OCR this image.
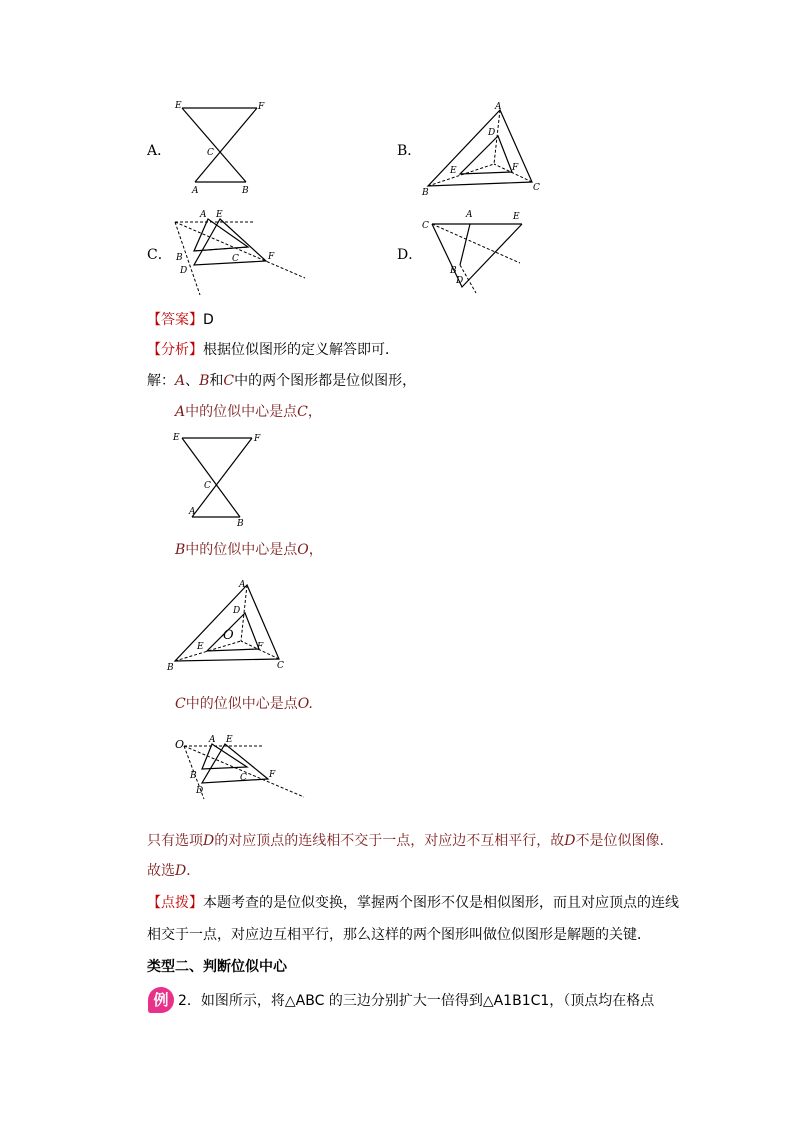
A．
E	F
C
A	B
B．
A
D
E	F
B	C
C．
A E
B	C	F
D
D．
C
A	E
B
D
【答案】D
【分析】根据位似图形的定义解答即可．
解：A、B和C中的两个图形都是位似图形，
A中的位似中心是点C，
E	F
C
A
B
B中的位似中心是点O，
A
D
O
E	F
B	C
C中的位似中心是点O.
O	A E
B	C F
D
只有选项D的对应顶点的连线相不交于一点，对应边不互相平行，故D不是位似图像.
故选D．
【点拨】本题考查的是位似变换，掌握两个图形不仅是相似图形，而且对应顶点的连线
相交于一点，对应边互相平行，那么这样的两个图形叫做位似图形是解题的关键．
类型二、判断位似中心
例 2．如图所示，将△ABC 的三边分别扩大一倍得到△A1B1C1，（顶点均在格点
